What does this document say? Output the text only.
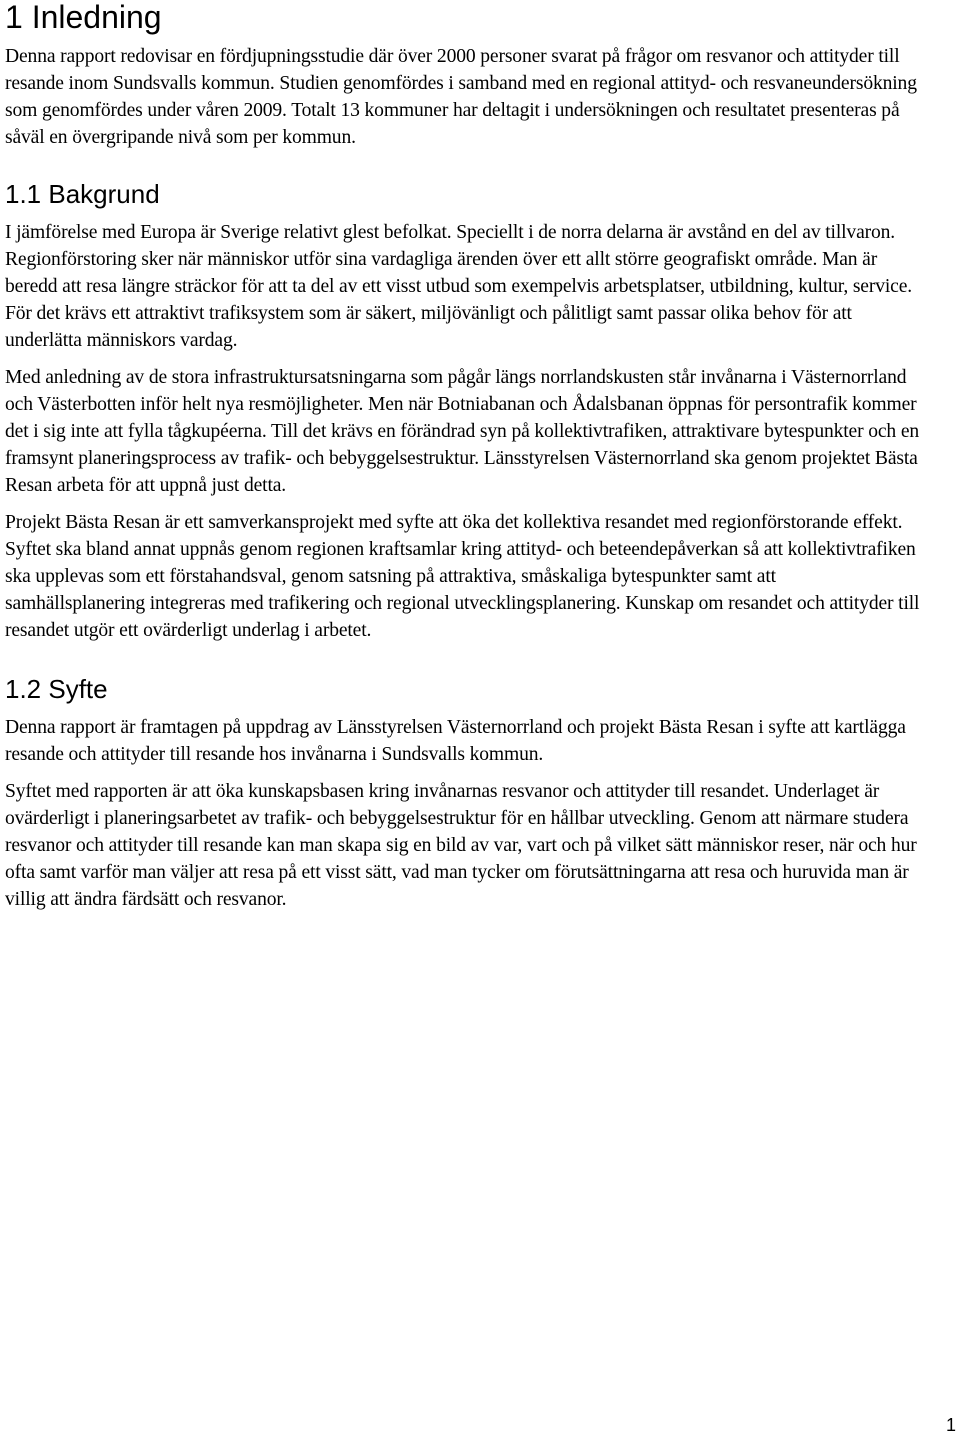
1 Inledning

Denna rapport redovisar en fördjupningsstudie där över 2000 personer svarat på frågor om resvanor och attityder till resande inom Sundsvalls kommun. Studien genomfördes i samband med en regional attityd- och resvaneundersökning som genomfördes under våren 2009. Totalt 13 kommuner har deltagit i undersökningen och resultatet presenteras på såväl en övergripande nivå som per kommun.

1.1 Bakgrund

I jämförelse med Europa är Sverige relativt glest befolkat. Speciellt i de norra delarna är avstånd en del av tillvaron. Regionförstoring sker när människor utför sina vardagliga ärenden över ett allt större geografiskt område. Man är beredd att resa längre sträckor för att ta del av ett visst utbud som exempelvis arbetsplatser, utbildning, kultur, service. För det krävs ett attraktivt trafiksystem som är säkert, miljövänligt och pålitligt samt passar olika behov för att underlätta människors vardag.

Med anledning av de stora infrastruktursatsningarna som pågår längs norrlandskusten står invånarna i Västernorrland och Västerbotten inför helt nya resmöjligheter. Men när Botniabanan och Ådalsbanan öppnas för persontrafik kommer det i sig inte att fylla tågkupéerna. Till det krävs en förändrad syn på kollektivtrafiken, attraktivare bytespunkter och en framsynt planeringsprocess av trafik- och bebyggelsestruktur. Länsstyrelsen Västernorrland ska genom projektet Bästa Resan arbeta för att uppnå just detta.

Projekt Bästa Resan är ett samverkansprojekt med syfte att öka det kollektiva resandet med regionförstorande effekt. Syftet ska bland annat uppnås genom regionen kraftsamlar kring attityd- och beteendepåverkan så att kollektivtrafiken ska upplevas som ett förstahandsval, genom satsning på attraktiva, småskaliga bytespunkter samt att samhällsplanering integreras med trafikering och regional utvecklingsplanering. Kunskap om resandet och attityder till resandet utgör ett ovärderligt underlag i arbetet.

1.2 Syfte

Denna rapport är framtagen på uppdrag av Länsstyrelsen Västernorrland och projekt Bästa Resan i syfte att kartlägga resande och attityder till resande hos invånarna i Sundsvalls kommun.

Syftet med rapporten är att öka kunskapsbasen kring invånarnas resvanor och attityder till resandet. Underlaget är ovärderligt i planeringsarbetet av trafik- och bebyggelsestruktur för en hållbar utveckling. Genom att närmare studera resvanor och attityder till resande kan man skapa sig en bild av var, vart och på vilket sätt människor reser, när och hur ofta samt varför man väljer att resa på ett visst sätt, vad man tycker om förutsättningarna att resa och huruvida man är villig att ändra färdsätt och resvanor.

1
